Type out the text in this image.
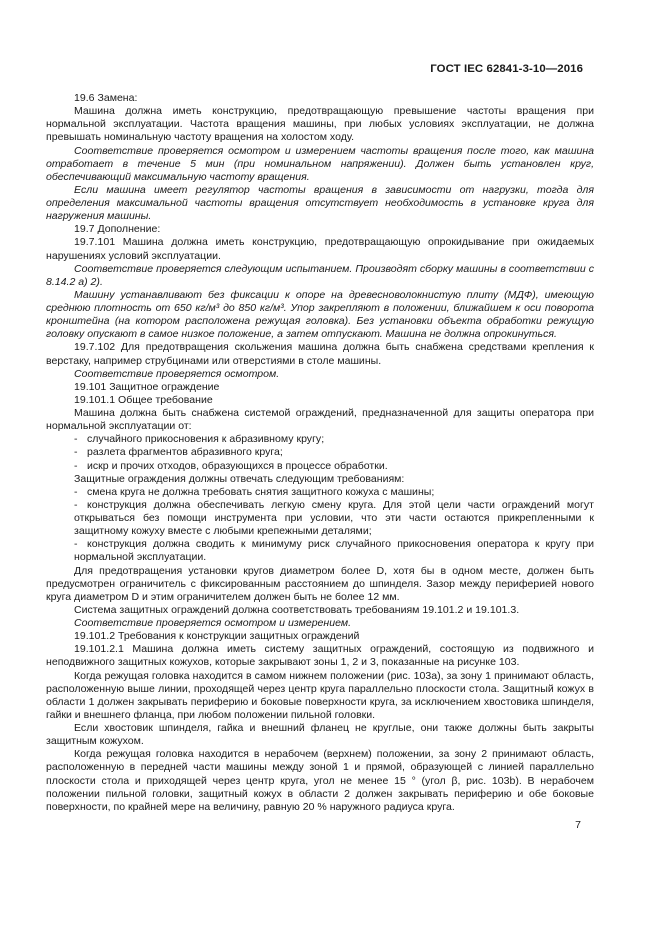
ГОСТ IEC 62841-3-10—2016

19.6 Замена:

Машина должна иметь конструкцию, предотвращающую превышение частоты вращения при нормальной эксплуатации. Частота вращения машины, при любых условиях эксплуатации, не должна превышать номинальную частоту вращения на холостом ходу.

Соответствие проверяется осмотром и измерением частоты вращения после того, как машина отработает в течение 5 мин (при номинальном напряжении). Должен быть установлен круг, обеспечивающий максимальную частоту вращения.

Если машина имеет регулятор частоты вращения в зависимости от нагрузки, тогда для определения максимальной частоты вращения отсутствует необходимость в установке круга для нагружения машины.

19.7 Дополнение:

19.7.101 Машина должна иметь конструкцию, предотвращающую опрокидывание при ожидаемых нарушениях условий эксплуатации.

Соответствие проверяется следующим испытанием. Производят сборку машины в соответствии с 8.14.2 а) 2).

Машину устанавливают без фиксации к опоре на древесноволокнистую плиту (МДФ), имеющую среднюю плотность от 650 кг/м³ до 850 кг/м³. Упор закрепляют в положении, ближайшем к оси поворота кронштейна (на котором расположена режущая головка). Без установки объекта обработки режущую головку опускают в самое низкое положение, а затем отпускают. Машина не должна опрокинуться.

19.7.102 Для предотвращения скольжения машина должна быть снабжена средствами крепления к верстаку, например струбцинами или отверстиями в столе машины.

Соответствие проверяется осмотром.

19.101 Защитное ограждение

19.101.1 Общее требование

Машина должна быть снабжена системой ограждений, предназначенной для защиты оператора при нормальной эксплуатации от:

- случайного прикосновения к абразивному кругу;

- разлета фрагментов абразивного круга;

- искр и прочих отходов, образующихся в процессе обработки.

Защитные ограждения должны отвечать следующим требованиям:

- смена круга не должна требовать снятия защитного кожуха с машины;

- конструкция должна обеспечивать легкую смену круга. Для этой цели части ограждений могут открываться без помощи инструмента при условии, что эти части остаются прикрепленными к защитному кожуху вместе с любыми крепежными деталями;

- конструкция должна сводить к минимуму риск случайного прикосновения оператора к кругу при нормальной эксплуатации.

Для предотвращения установки кругов диаметром более D, хотя бы в одном месте, должен быть предусмотрен ограничитель с фиксированным расстоянием до шпинделя. Зазор между периферией нового круга диаметром D и этим ограничителем должен быть не более 12 мм.

Система защитных ограждений должна соответствовать требованиям 19.101.2 и 19.101.3.

Соответствие проверяется осмотром и измерением.

19.101.2 Требования к конструкции защитных ограждений

19.101.2.1 Машина должна иметь систему защитных ограждений, состоящую из подвижного и неподвижного защитных кожухов, которые закрывают зоны 1, 2 и 3, показанные на рисунке 103.

Когда режущая головка находится в самом нижнем положении (рис. 103а), за зону 1 принимают область, расположенную выше линии, проходящей через центр круга параллельно плоскости стола. Защитный кожух в области 1 должен закрывать периферию и боковые поверхности круга, за исключением хвостовика шпинделя, гайки и внешнего фланца, при любом положении пильной головки.

Если хвостовик шпинделя, гайка и внешний фланец не круглые, они также должны быть закрыты защитным кожухом.

Когда режущая головка находится в нерабочем (верхнем) положении, за зону 2 принимают область, расположенную в передней части машины между зоной 1 и прямой, образующей с линией параллельно плоскости стола и приходящей через центр круга, угол не менее 15 ° (угол β, рис. 103b). В нерабочем положении пильной головки, защитный кожух в области 2 должен закрывать периферию и обе боковые поверхности, по крайней мере на величину, равную 20 % наружного радиуса круга.

7
